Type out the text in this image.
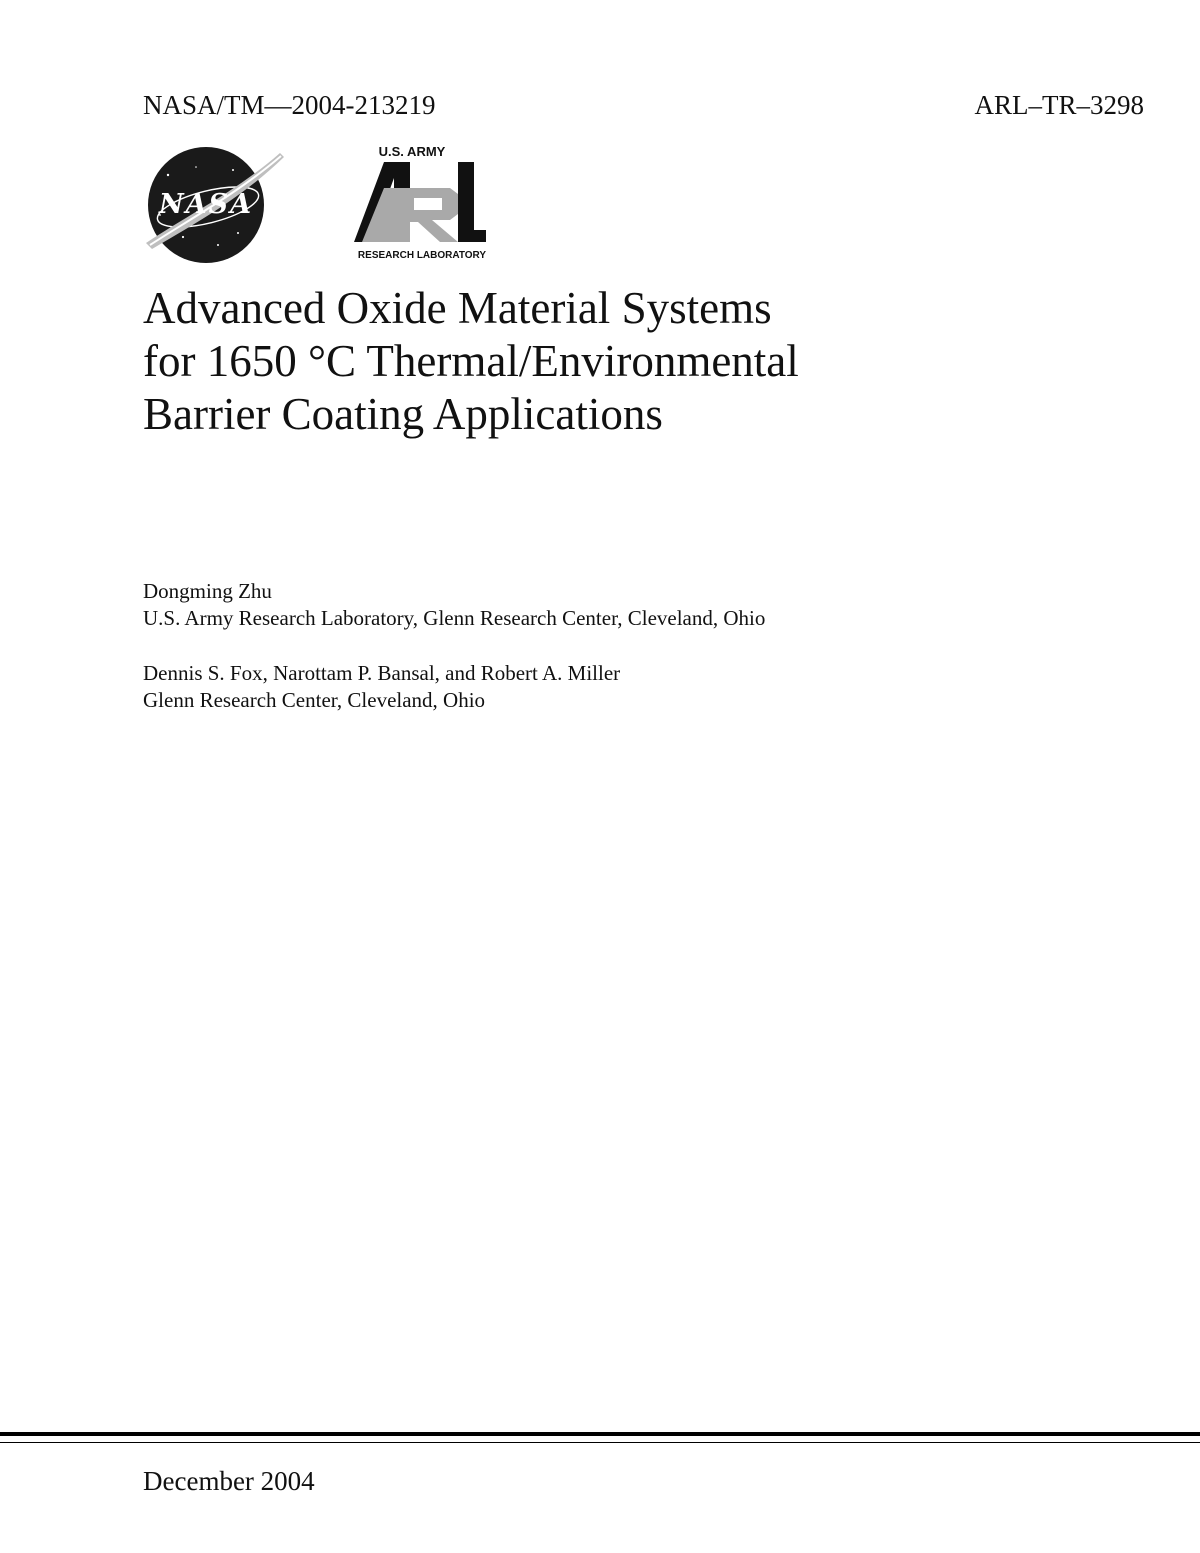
NASA/TM—2004-213219	ARL–TR–3298
NASA
U.S. ARMY
RESEARCH LABORATORY
Advanced Oxide Material Systems
for 1650 °C Thermal/Environmental
Barrier Coating Applications
Dongming Zhu
U.S. Army Research Laboratory, Glenn Research Center, Cleveland, Ohio
Dennis S. Fox, Narottam P. Bansal, and Robert A. Miller
Glenn Research Center, Cleveland, Ohio
December 2004
